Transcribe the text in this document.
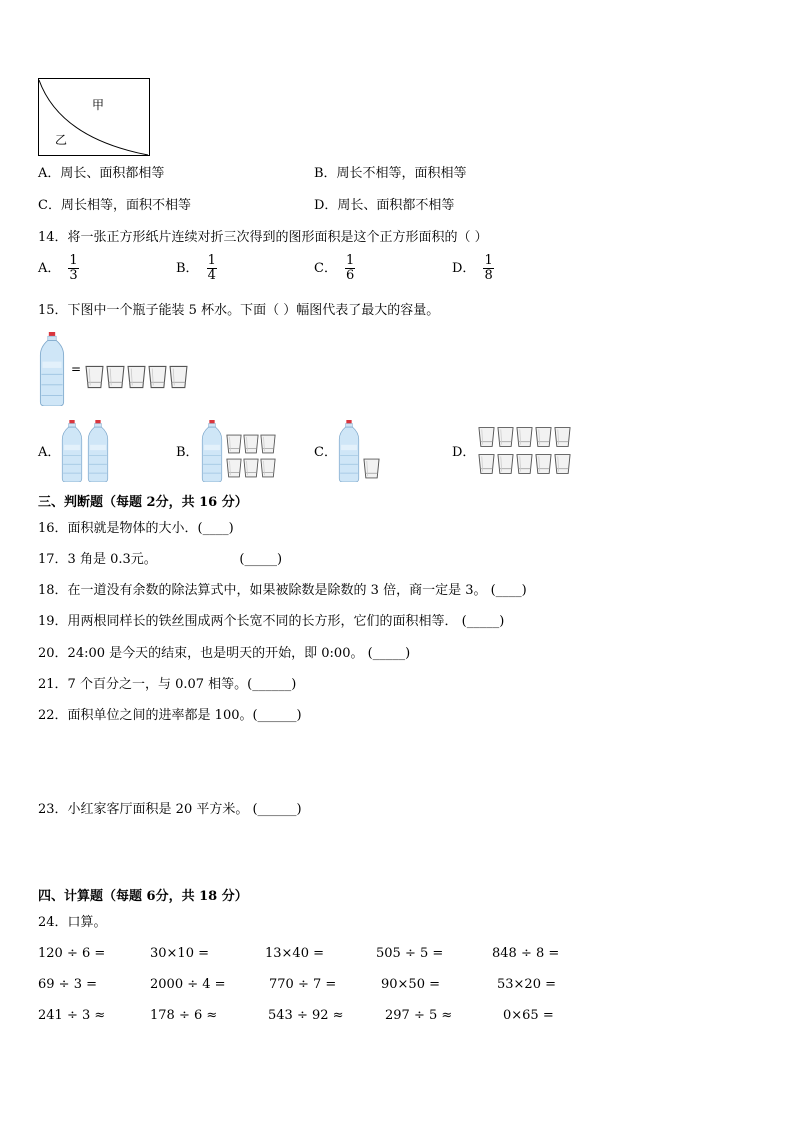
甲
乙
A．周长、面积都相等	B．周长不相等，面积相等
C．周长相等，面积不相等	D．周长、面积都不相等
14．将一张正方形纸片连续对折三次得到的图形面积是这个正方形面积的（ ）
A． $\frac{1}{3}$	B． $\frac{1}{4}$	C． $\frac{1}{6}$	D． $\frac{1}{8}$
15．下图中一个瓶子能装 5 杯水。下面（ ）幅图代表了最大的容量。
=
A．	B．	C．	D．
三、判断题（每题 2分，共 16 分）
16．面积就是物体的大小．(____)
17．3 角是 0.3元。                    (_____)
18．在一道没有余数的除法算式中，如果被除数是除数的 3 倍，商一定是 3。 (____)
19．用两根同样长的铁丝围成两个长宽不同的长方形，它们的面积相等． (_____)
20．24:00 是今天的结束，也是明天的开始，即 0:00。 (_____)
21．7 个百分之一，与 0.07 相等。(______)
22．面积单位之间的进率都是 100。(______)
23．小红家客厅面积是 20 平方米。 (______)
四、计算题（每题 6分，共 18 分）
24．口算。
120 ÷ 6 =	30×10 =	13×40 =	505 ÷ 5 =	848 ÷ 8 =
69 ÷ 3 =	2000 ÷ 4 =	770 ÷ 7 =	90×50 =	53×20 =
241 ÷ 3 ≈	178 ÷ 6 ≈	543 ÷ 92 ≈	297 ÷ 5 ≈	0×65 =
